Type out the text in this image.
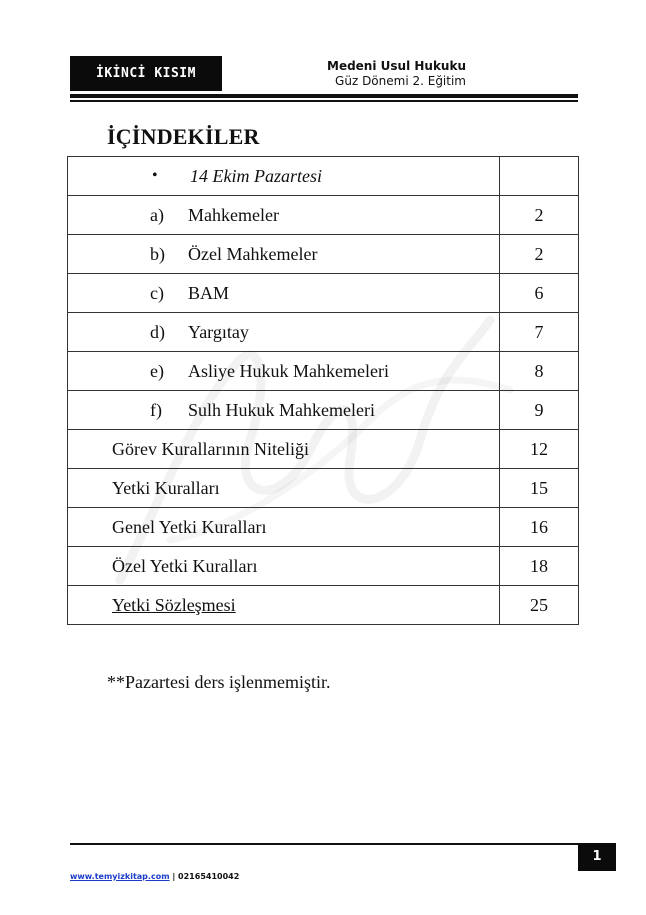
İKİNCİ KISIM	Medeni Usul Hukuku
Güz Dönemi 2. Eğitim
İÇİNDEKİLER
• 14 Ekim Pazartesi	

a) Mahkemeler	2

b) Özel Mahkemeler	2

c) BAM	6

d) Yargıtay	7

e) Asliye Hukuk Mahkemeleri	8

f) Sulh Hukuk Mahkemeleri	9
Görev Kurallarının Niteliği	12
Yetki Kuralları	15
Genel Yetki Kuralları	16
Özel Yetki Kuralları	18
Yetki Sözleşmesi	25
**Pazartesi ders işlenmemiştir.
1
www.temyizkitap.com | 02165410042
